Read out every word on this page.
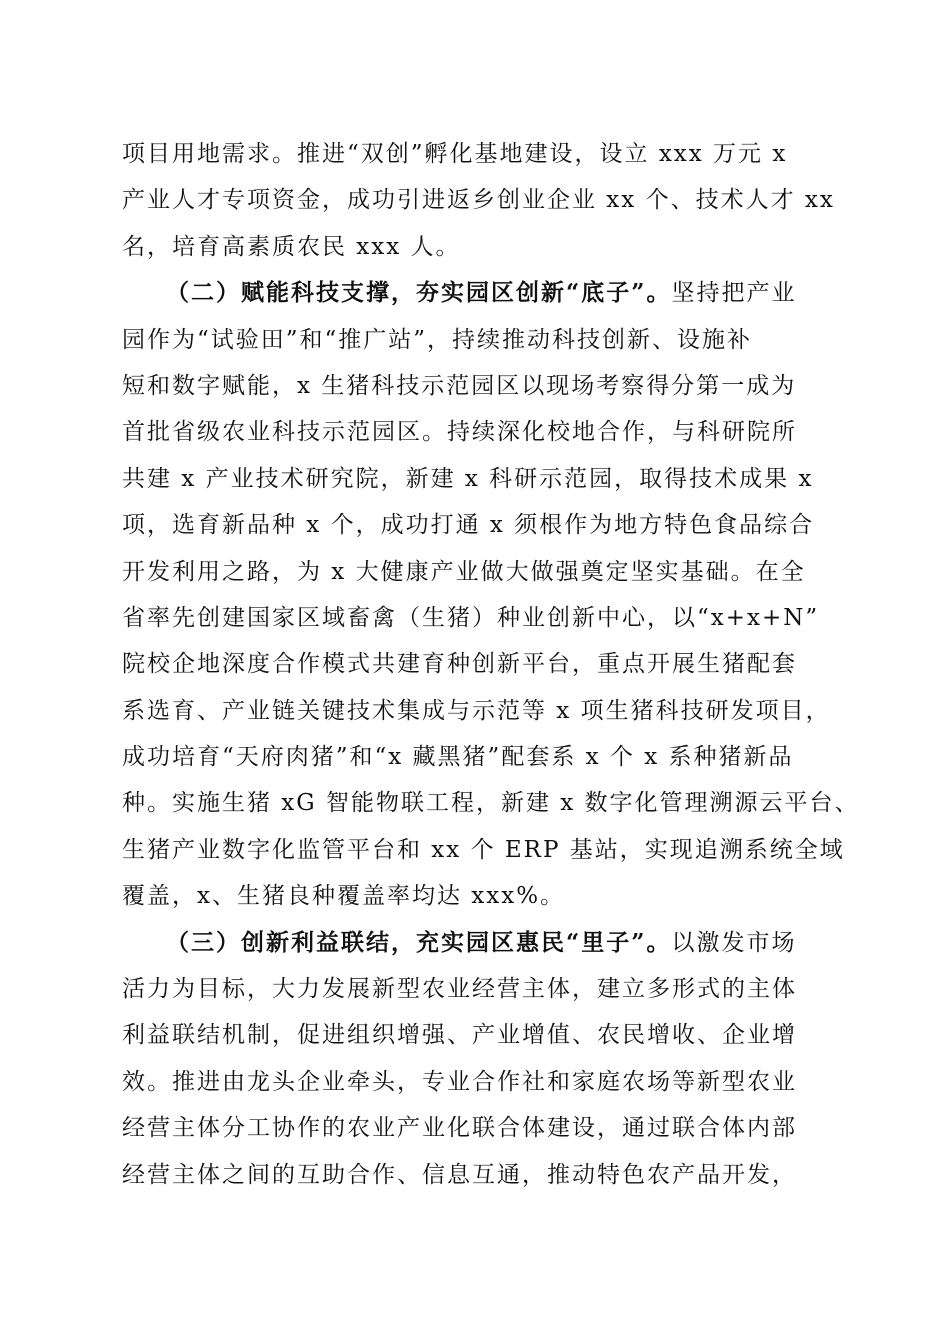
项目用地需求。推进“双创”孵化基地建设，设立 xxx 万元 x
产业人才专项资金，成功引进返乡创业企业 xx 个、技术人才 xx
名，培育高素质农民 xxx 人。
（二）赋能科技支撑，夯实园区创新“底子”。坚持把产业
园作为“试验田”和“推广站”，持续推动科技创新、设施补
短和数字赋能，x 生猪科技示范园区以现场考察得分第一成为
首批省级农业科技示范园区。持续深化校地合作，与科研院所
共建 x 产业技术研究院，新建 x 科研示范园，取得技术成果 x
项，选育新品种 x 个，成功打通 x 须根作为地方特色食品综合
开发利用之路，为 x 大健康产业做大做强奠定坚实基础。在全
省率先创建国家区域畜禽（生猪）种业创新中心，以“x+x+N”
院校企地深度合作模式共建育种创新平台，重点开展生猪配套
系选育、产业链关键技术集成与示范等 x 项生猪科技研发项目，
成功培育“天府肉猪”和“x 藏黑猪”配套系 x 个 x 系种猪新品
种。实施生猪 xG 智能物联工程，新建 x 数字化管理溯源云平台、
生猪产业数字化监管平台和 xx 个 ERP 基站，实现追溯系统全域
覆盖，x、生猪良种覆盖率均达 xxx%。
（三）创新利益联结，充实园区惠民“里子”。以激发市场
活力为目标，大力发展新型农业经营主体，建立多形式的主体
利益联结机制，促进组织增强、产业增值、农民增收、企业增
效。推进由龙头企业牵头，专业合作社和家庭农场等新型农业
经营主体分工协作的农业产业化联合体建设，通过联合体内部
经营主体之间的互助合作、信息互通，推动特色农产品开发，
